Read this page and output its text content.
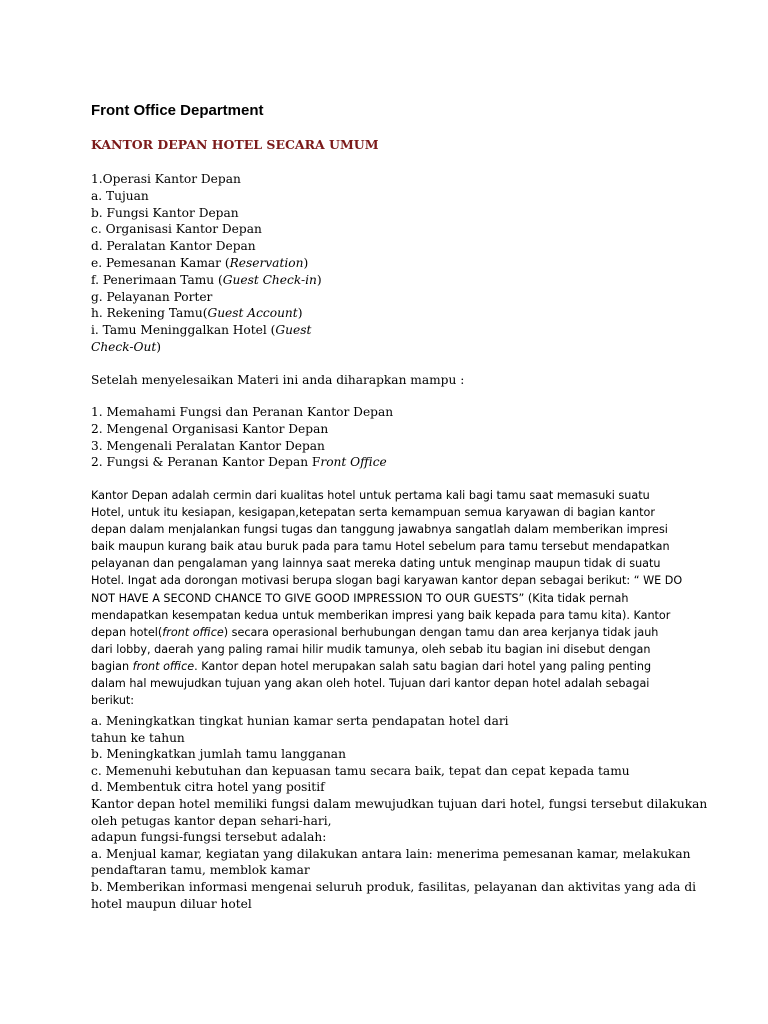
Front Office Department
KANTOR DEPAN HOTEL SECARA UMUM
1.Operasi Kantor Depan
a. Tujuan
b. Fungsi Kantor Depan
c. Organisasi Kantor Depan
d. Peralatan Kantor Depan
e. Pemesanan Kamar (Reservation)
f. Penerimaan Tamu (Guest Check-in)
g. Pelayanan Porter
h. Rekening Tamu(Guest Account)
i. Tamu Meninggalkan Hotel (Guest
Check-Out)
Setelah menyelesaikan Materi ini anda diharapkan mampu :
1. Memahami Fungsi dan Peranan Kantor Depan
2. Mengenal Organisasi Kantor Depan
3. Mengenali Peralatan Kantor Depan
2. Fungsi & Peranan Kantor Depan Front Office
Kantor Depan adalah cermin dari kualitas hotel untuk pertama kali bagi tamu saat memasuki suatu
Hotel, untuk itu kesiapan, kesigapan,ketepatan serta kemampuan semua karyawan di bagian kantor
depan dalam menjalankan fungsi tugas dan tanggung jawabnya sangatlah dalam memberikan impresi
baik maupun kurang baik atau buruk pada para tamu Hotel sebelum para tamu tersebut mendapatkan
pelayanan dan pengalaman yang lainnya saat mereka dating untuk menginap maupun tidak di suatu
Hotel. Ingat ada dorongan motivasi berupa slogan bagi karyawan kantor depan sebagai berikut: “ WE DO
NOT HAVE A SECOND CHANCE TO GIVE GOOD IMPRESSION TO OUR GUESTS” (Kita tidak pernah
mendapatkan kesempatan kedua untuk memberikan impresi yang baik kepada para tamu kita). Kantor
depan hotel(front office) secara operasional berhubungan dengan tamu dan area kerjanya tidak jauh
dari lobby, daerah yang paling ramai hilir mudik tamunya, oleh sebab itu bagian ini disebut dengan
bagian front office. Kantor depan hotel merupakan salah satu bagian dari hotel yang paling penting
dalam hal mewujudkan tujuan yang akan oleh hotel. Tujuan dari kantor depan hotel adalah sebagai
berikut:
a. Meningkatkan tingkat hunian kamar serta pendapatan hotel dari
tahun ke tahun
b. Meningkatkan jumlah tamu langganan
c. Memenuhi kebutuhan dan kepuasan tamu secara baik, tepat dan cepat kepada tamu
d. Membentuk citra hotel yang positif
Kantor depan hotel memiliki fungsi dalam mewujudkan tujuan dari hotel, fungsi tersebut dilakukan
oleh petugas kantor depan sehari-hari,
adapun fungsi-fungsi tersebut adalah:
a. Menjual kamar, kegiatan yang dilakukan antara lain: menerima pemesanan kamar, melakukan
pendaftaran tamu, memblok kamar
b. Memberikan informasi mengenai seluruh produk, fasilitas, pelayanan dan aktivitas yang ada di
hotel maupun diluar hotel
